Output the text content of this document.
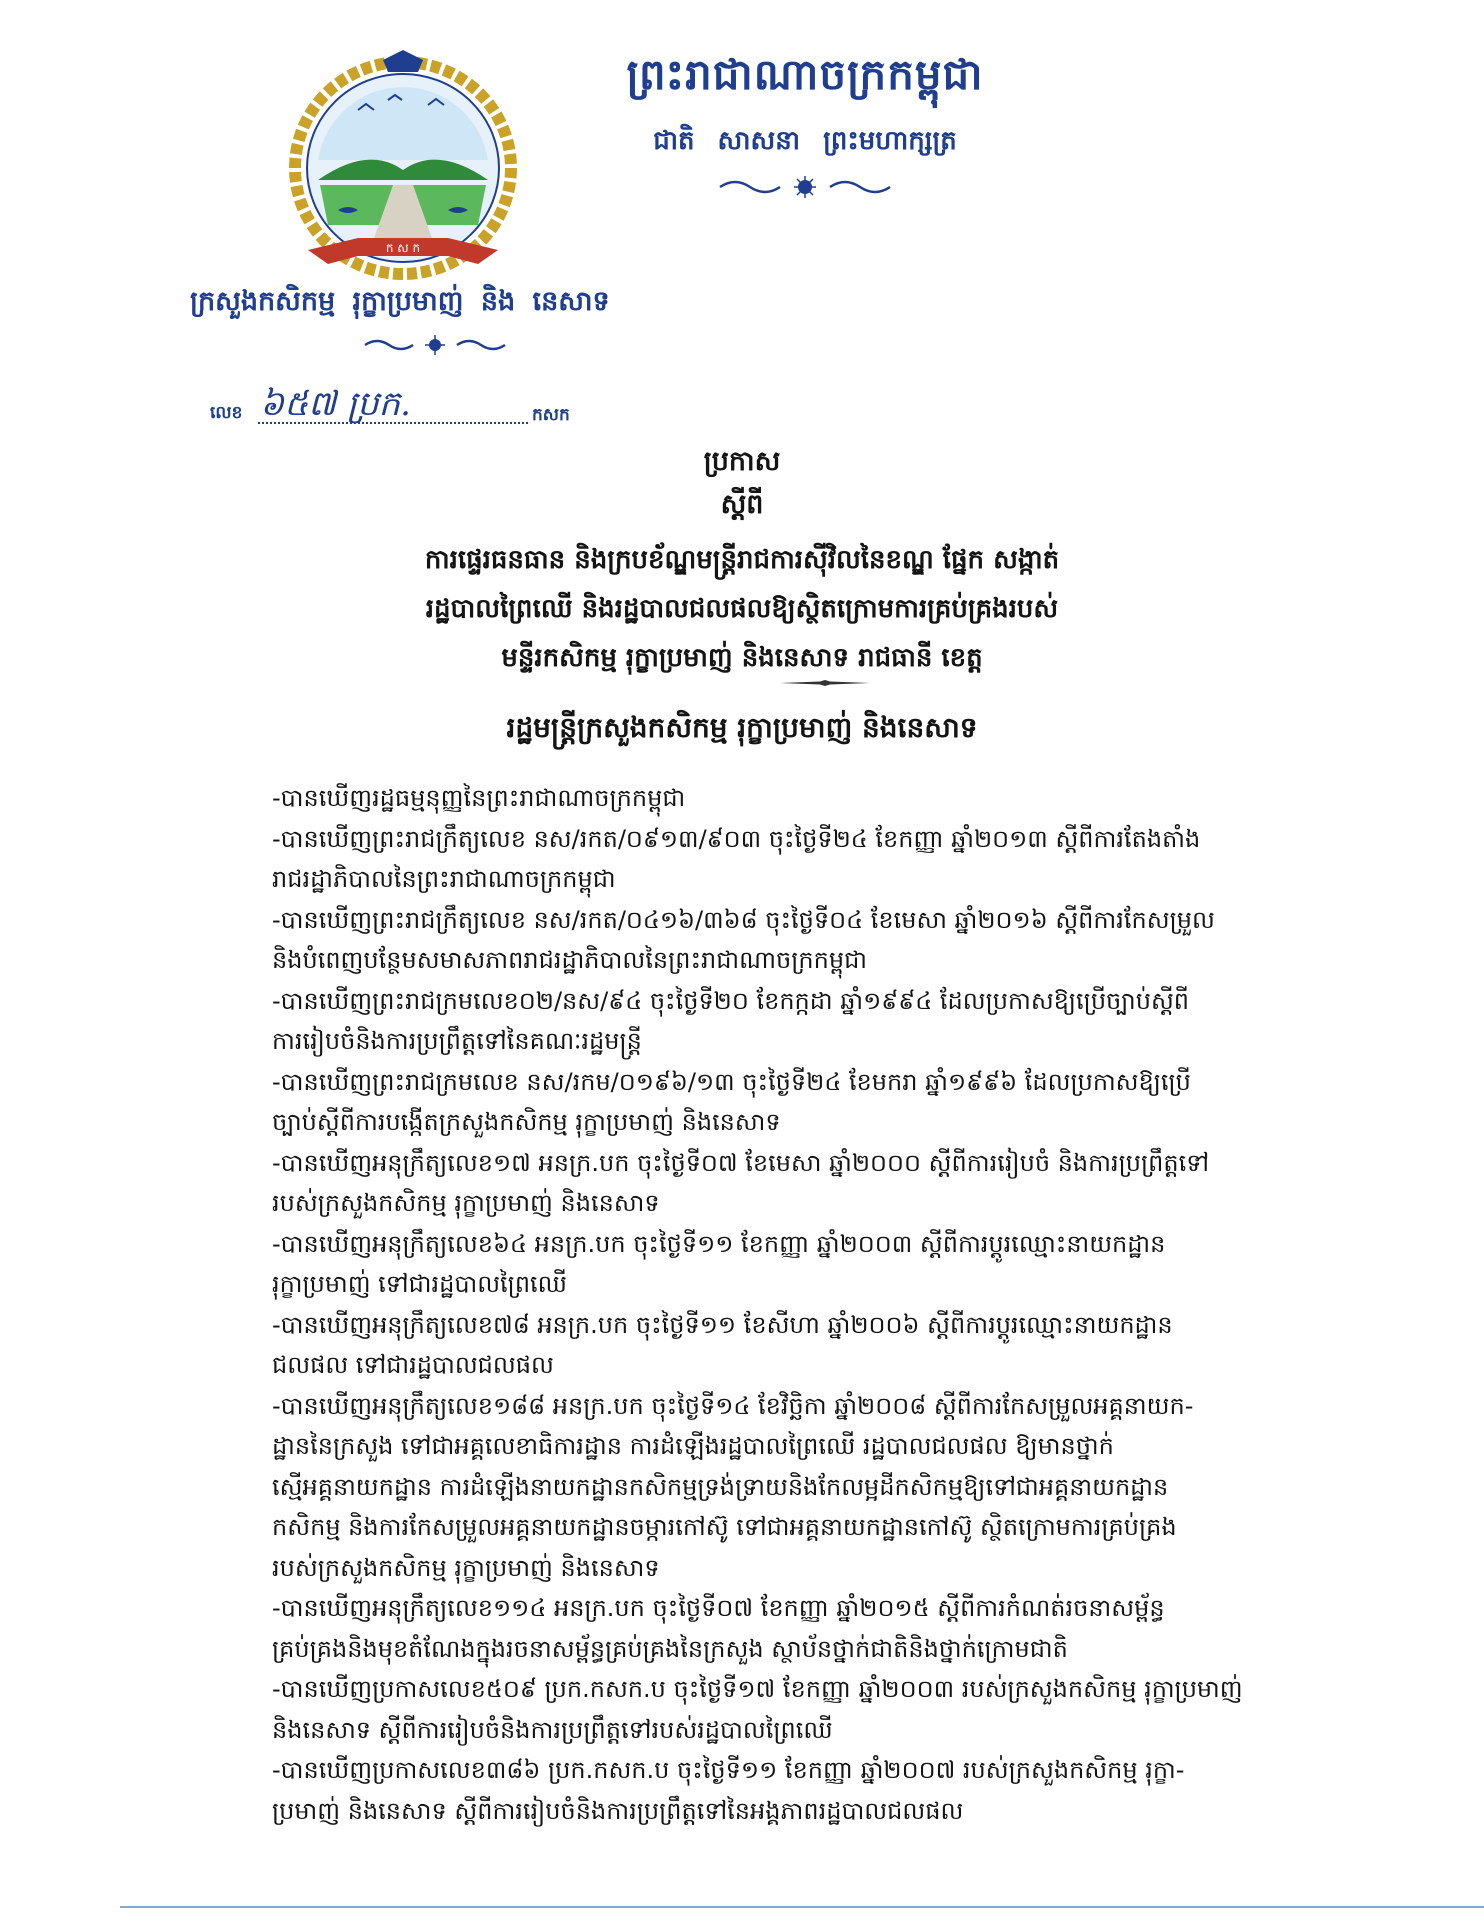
ក ស ក
ព្រះរាជាណាចក្រកម្ពុជា
ជាតិ សាសនា ព្រះមហាក្សត្រ
ក្រសួងកសិកម្ម រុក្ខាប្រមាញ់ និង នេសាទ
លេខ ៦៥៧ ប្រក.	កសក
ប្រកាស
ស្តីពី
ការផ្ទេរធនធាន និងក្របខ័ណ្ឌមន្ត្រីរាជការស៊ីវិលនៃខណ្ឌ ផ្នែក សង្កាត់
រដ្ឋបាលព្រៃឈើ និងរដ្ឋបាលជលផលឱ្យស្ថិតក្រោមការគ្រប់គ្រងរបស់
មន្ទីរកសិកម្ម រុក្ខាប្រមាញ់ និងនេសាទ រាជធានី ខេត្ត
រដ្ឋមន្ត្រីក្រសួងកសិកម្ម រុក្ខាប្រមាញ់ និងនេសាទ
-បានឃើញរដ្ឋធម្មនុញ្ញនៃព្រះរាជាណាចក្រកម្ពុជា
-បានឃើញព្រះរាជក្រឹត្យលេខ នស/រកត/០៩១៣/៩០៣ ចុះថ្ងៃទី២៤ ខែកញ្ញា ឆ្នាំ២០១៣ ស្តីពីការតែងតាំង
រាជរដ្ឋាភិបាលនៃព្រះរាជាណាចក្រកម្ពុជា
-បានឃើញព្រះរាជក្រឹត្យលេខ នស/រកត/០៤១៦/៣៦៨ ចុះថ្ងៃទី០៤ ខែមេសា ឆ្នាំ២០១៦ ស្តីពីការកែសម្រួល
និងបំពេញបន្ថែមសមាសភាពរាជរដ្ឋាភិបាលនៃព្រះរាជាណាចក្រកម្ពុជា
-បានឃើញព្រះរាជក្រមលេខ០២/នស/៩៤ ចុះថ្ងៃទី២០ ខែកក្កដា ឆ្នាំ១៩៩៤ ដែលប្រកាសឱ្យប្រើច្បាប់ស្តីពី
ការរៀបចំនិងការប្រព្រឹត្តទៅនៃគណៈរដ្ឋមន្ត្រី
-បានឃើញព្រះរាជក្រមលេខ នស/រកម/០១៩៦/១៣ ចុះថ្ងៃទី២៤ ខែមករា ឆ្នាំ១៩៩៦ ដែលប្រកាសឱ្យប្រើ
ច្បាប់ស្តីពីការបង្កើតក្រសួងកសិកម្ម រុក្ខាប្រមាញ់ និងនេសាទ
-បានឃើញអនុក្រឹត្យលេខ១៧ អនក្រ.បក ចុះថ្ងៃទី០៧ ខែមេសា ឆ្នាំ២០០០ ស្តីពីការរៀបចំ និងការប្រព្រឹត្តទៅ
របស់ក្រសួងកសិកម្ម រុក្ខាប្រមាញ់ និងនេសាទ
-បានឃើញអនុក្រឹត្យលេខ៦៤ អនក្រ.បក ចុះថ្ងៃទី១១ ខែកញ្ញា ឆ្នាំ២០០៣ ស្តីពីការប្តូរឈ្មោះនាយកដ្ឋាន
រុក្ខាប្រមាញ់ ទៅជារដ្ឋបាលព្រៃឈើ
-បានឃើញអនុក្រឹត្យលេខ៧៨ អនក្រ.បក ចុះថ្ងៃទី១១ ខែសីហា ឆ្នាំ២០០៦ ស្តីពីការប្តូរឈ្មោះនាយកដ្ឋាន
ជលផល ទៅជារដ្ឋបាលជលផល
-បានឃើញអនុក្រឹត្យលេខ១៨៨ អនក្រ.បក ចុះថ្ងៃទី១៤ ខែវិច្ឆិកា ឆ្នាំ២០០៨ ស្តីពីការកែសម្រួលអគ្គនាយក-
ដ្ឋាននៃក្រសួង ទៅជាអគ្គលេខាធិការដ្ឋាន ការដំឡើងរដ្ឋបាលព្រៃឈើ រដ្ឋបាលជលផល ឱ្យមានថ្នាក់
ស្មើអគ្គនាយកដ្ឋាន ការដំឡើងនាយកដ្ឋានកសិកម្មទ្រង់ទ្រាយនិងកែលម្អដីកសិកម្មឱ្យទៅជាអគ្គនាយកដ្ឋាន
កសិកម្ម និងការកែសម្រួលអគ្គនាយកដ្ឋានចម្ការកៅស៊ូ ទៅជាអគ្គនាយកដ្ឋានកៅស៊ូ ស្ថិតក្រោមការគ្រប់គ្រង
របស់ក្រសួងកសិកម្ម រុក្ខាប្រមាញ់ និងនេសាទ
-បានឃើញអនុក្រឹត្យលេខ១១៤ អនក្រ.បក ចុះថ្ងៃទី០៧ ខែកញ្ញា ឆ្នាំ២០១៥ ស្តីពីការកំណត់រចនាសម្ព័ន្ធ
គ្រប់គ្រងនិងមុខតំណែងក្នុងរចនាសម្ព័ន្ធគ្រប់គ្រងនៃក្រសួង ស្ថាប័នថ្នាក់ជាតិនិងថ្នាក់ក្រោមជាតិ
-បានឃើញប្រកាសលេខ៥០៩ ប្រក.កសក.ប ចុះថ្ងៃទី១៧ ខែកញ្ញា ឆ្នាំ២០០៣ របស់ក្រសួងកសិកម្ម រុក្ខាប្រមាញ់
និងនេសាទ ស្តីពីការរៀបចំនិងការប្រព្រឹត្តទៅរបស់រដ្ឋបាលព្រៃឈើ
-បានឃើញប្រកាសលេខ៣៨៦ ប្រក.កសក.ប ចុះថ្ងៃទី១១ ខែកញ្ញា ឆ្នាំ២០០៧ របស់ក្រសួងកសិកម្ម រុក្ខា-
ប្រមាញ់ និងនេសាទ ស្តីពីការរៀបចំនិងការប្រព្រឹត្តទៅនៃអង្គភាពរដ្ឋបាលជលផល
